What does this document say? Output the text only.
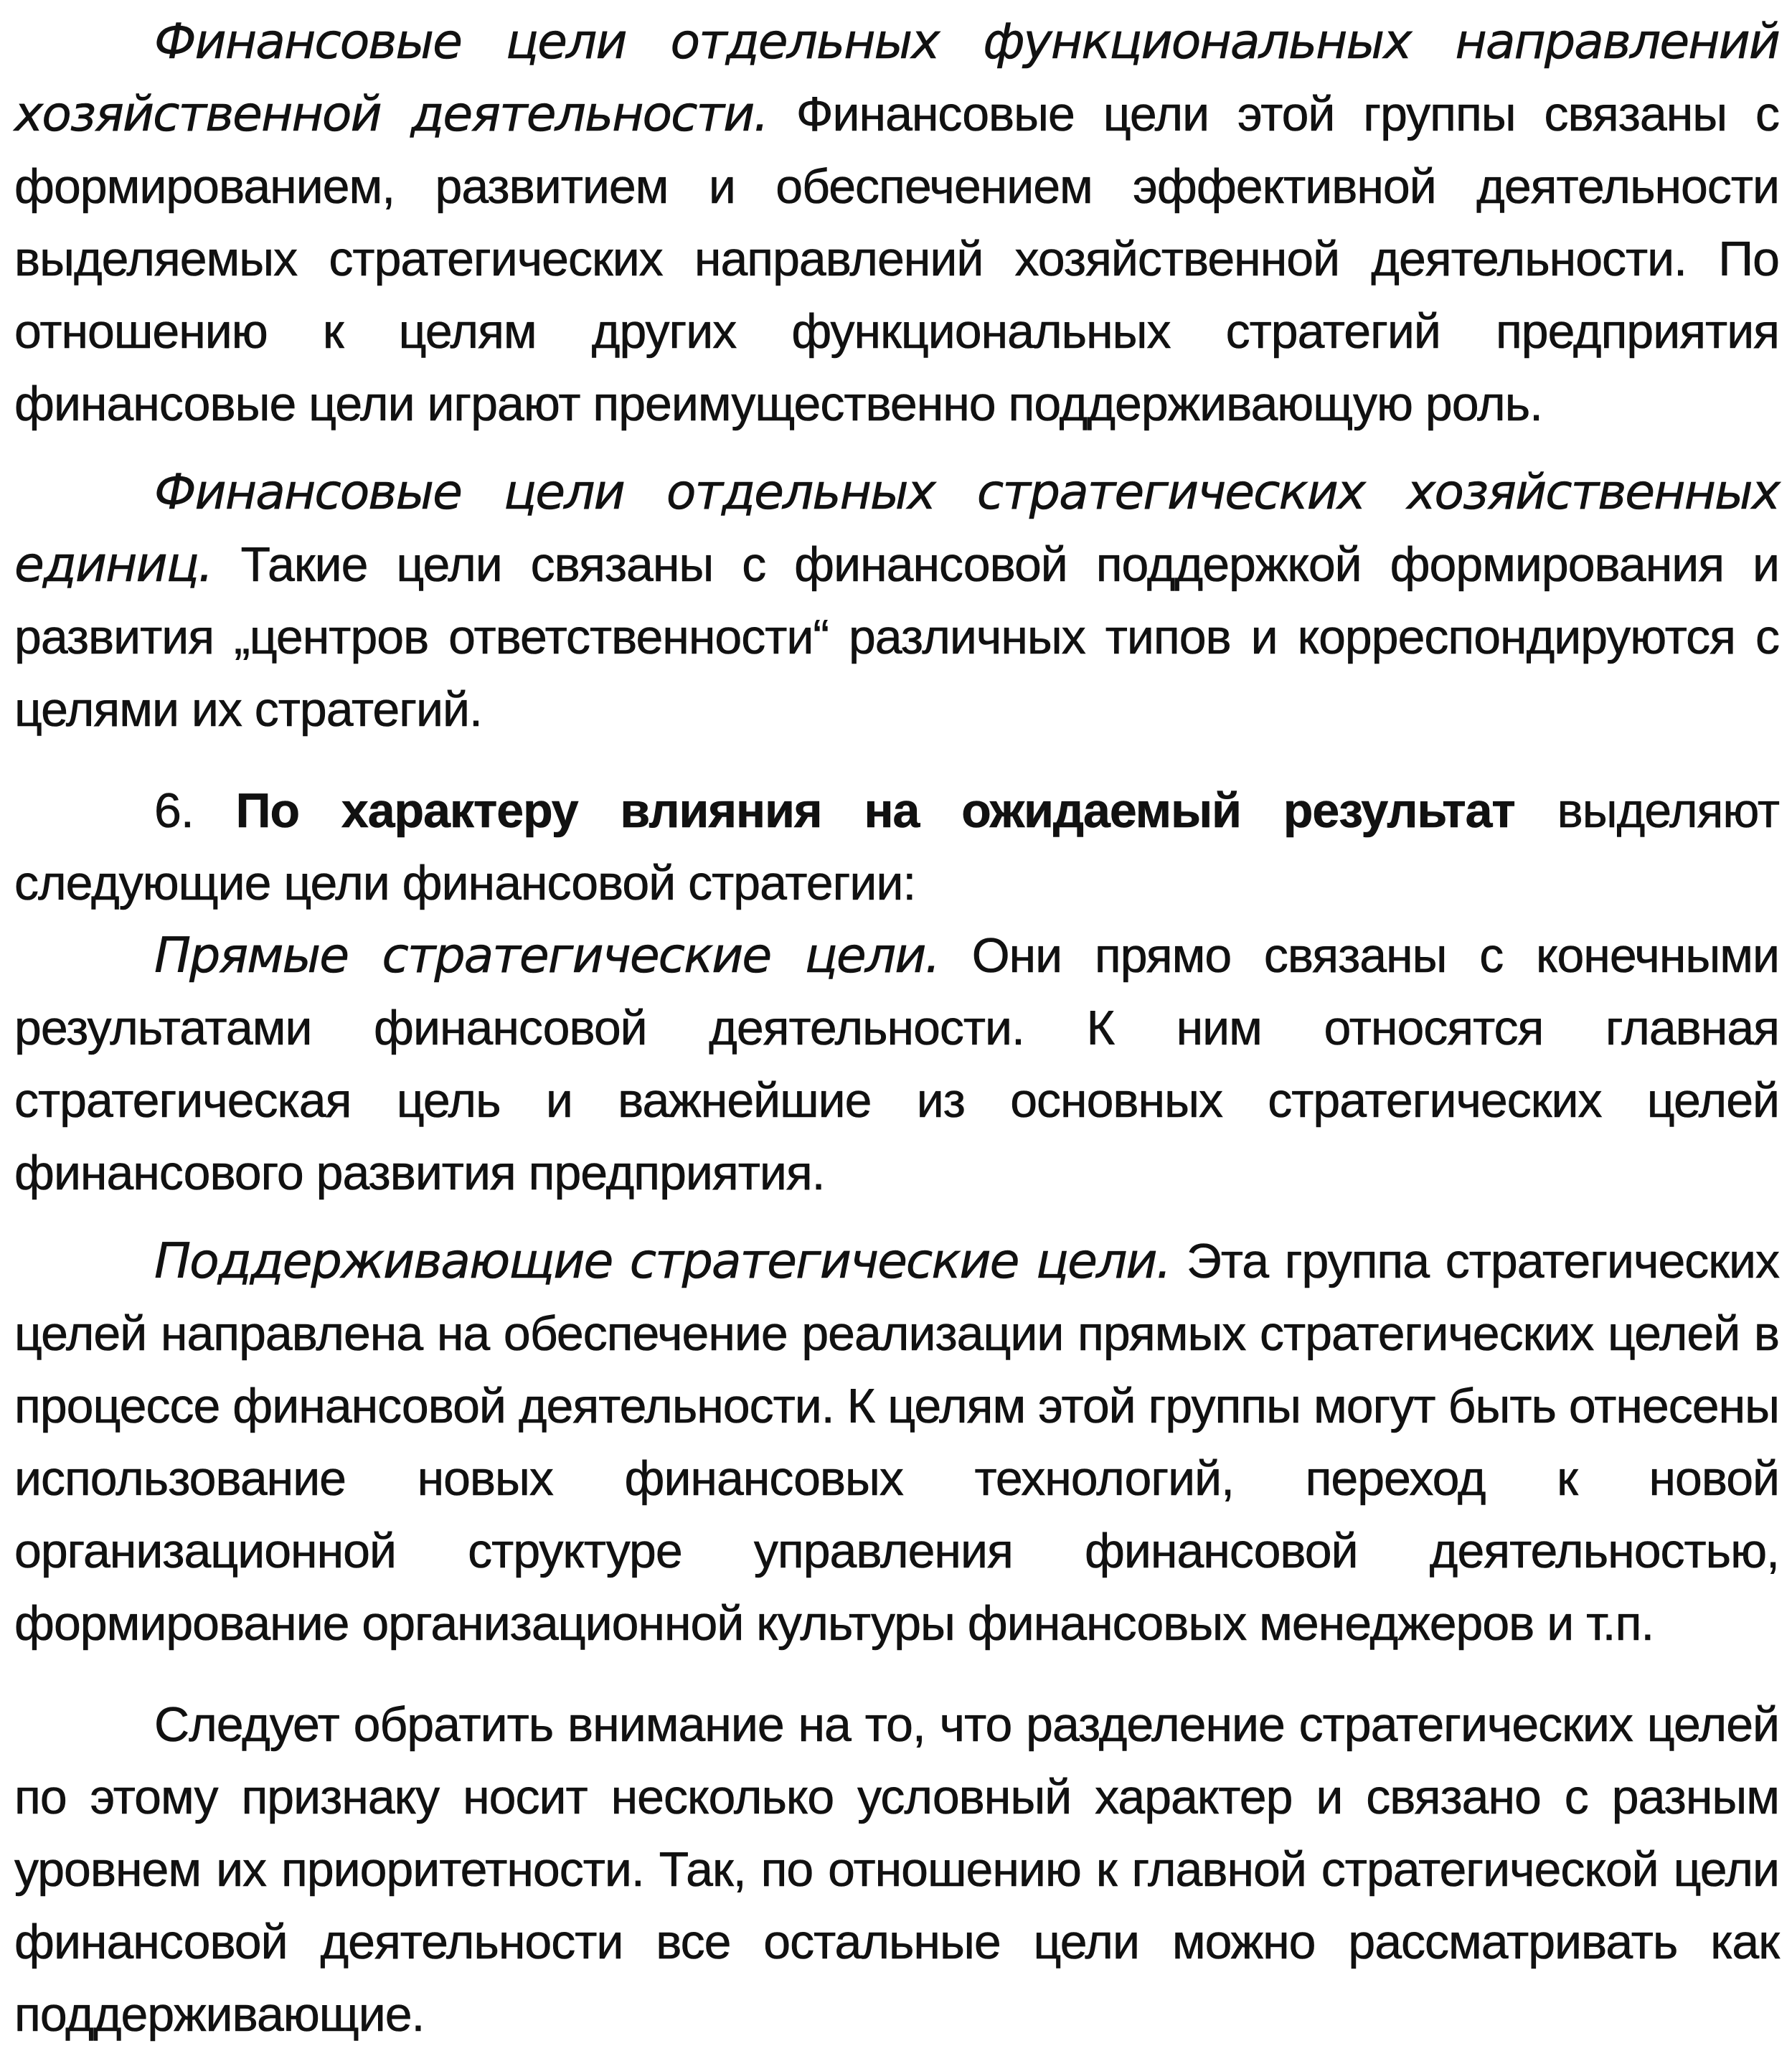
Финансовые цели отдельных функциональных направлений хозяйственной деятельности. Финансовые цели этой группы связаны с формированием, развитием и обеспечением эффективной деятельности выделяемых стратегических направлений хозяйственной деятельности. По отношению к целям других функциональных стратегий предприятия финансовые цели играют преимущественно поддерживающую роль.

Финансовые цели отдельных стратегических хозяйственных единиц. Такие цели связаны с финансовой поддержкой формирования и развития „центров ответственности“ различных типов и корреспондируются с целями их стратегий.

6. По характеру влияния на ожидаемый результат выделяют следующие цели финансовой стратегии:

Прямые стратегические цели. Они прямо связаны с конечными результатами финансовой деятельности. К ним относятся главная стратегическая цель и важнейшие из основных стратегических целей финансового развития предприятия.

Поддерживающие стратегические цели. Эта группа стратегических целей направлена на обеспечение реализации прямых стратегических целей в процессе финансовой деятельности. К целям этой группы могут быть отнесены использование новых финансовых технологий, переход к новой организационной структуре управления финансовой деятельностью, формирование организационной культуры финансовых менеджеров и т.п.

Следует обратить внимание на то, что разделение стратегических целей по этому признаку носит несколько условный характер и связано с разным уровнем их приоритетности. Так, по отношению к главной стратегической цели финансовой деятельности все остальные цели можно рассматривать как поддерживающие.
